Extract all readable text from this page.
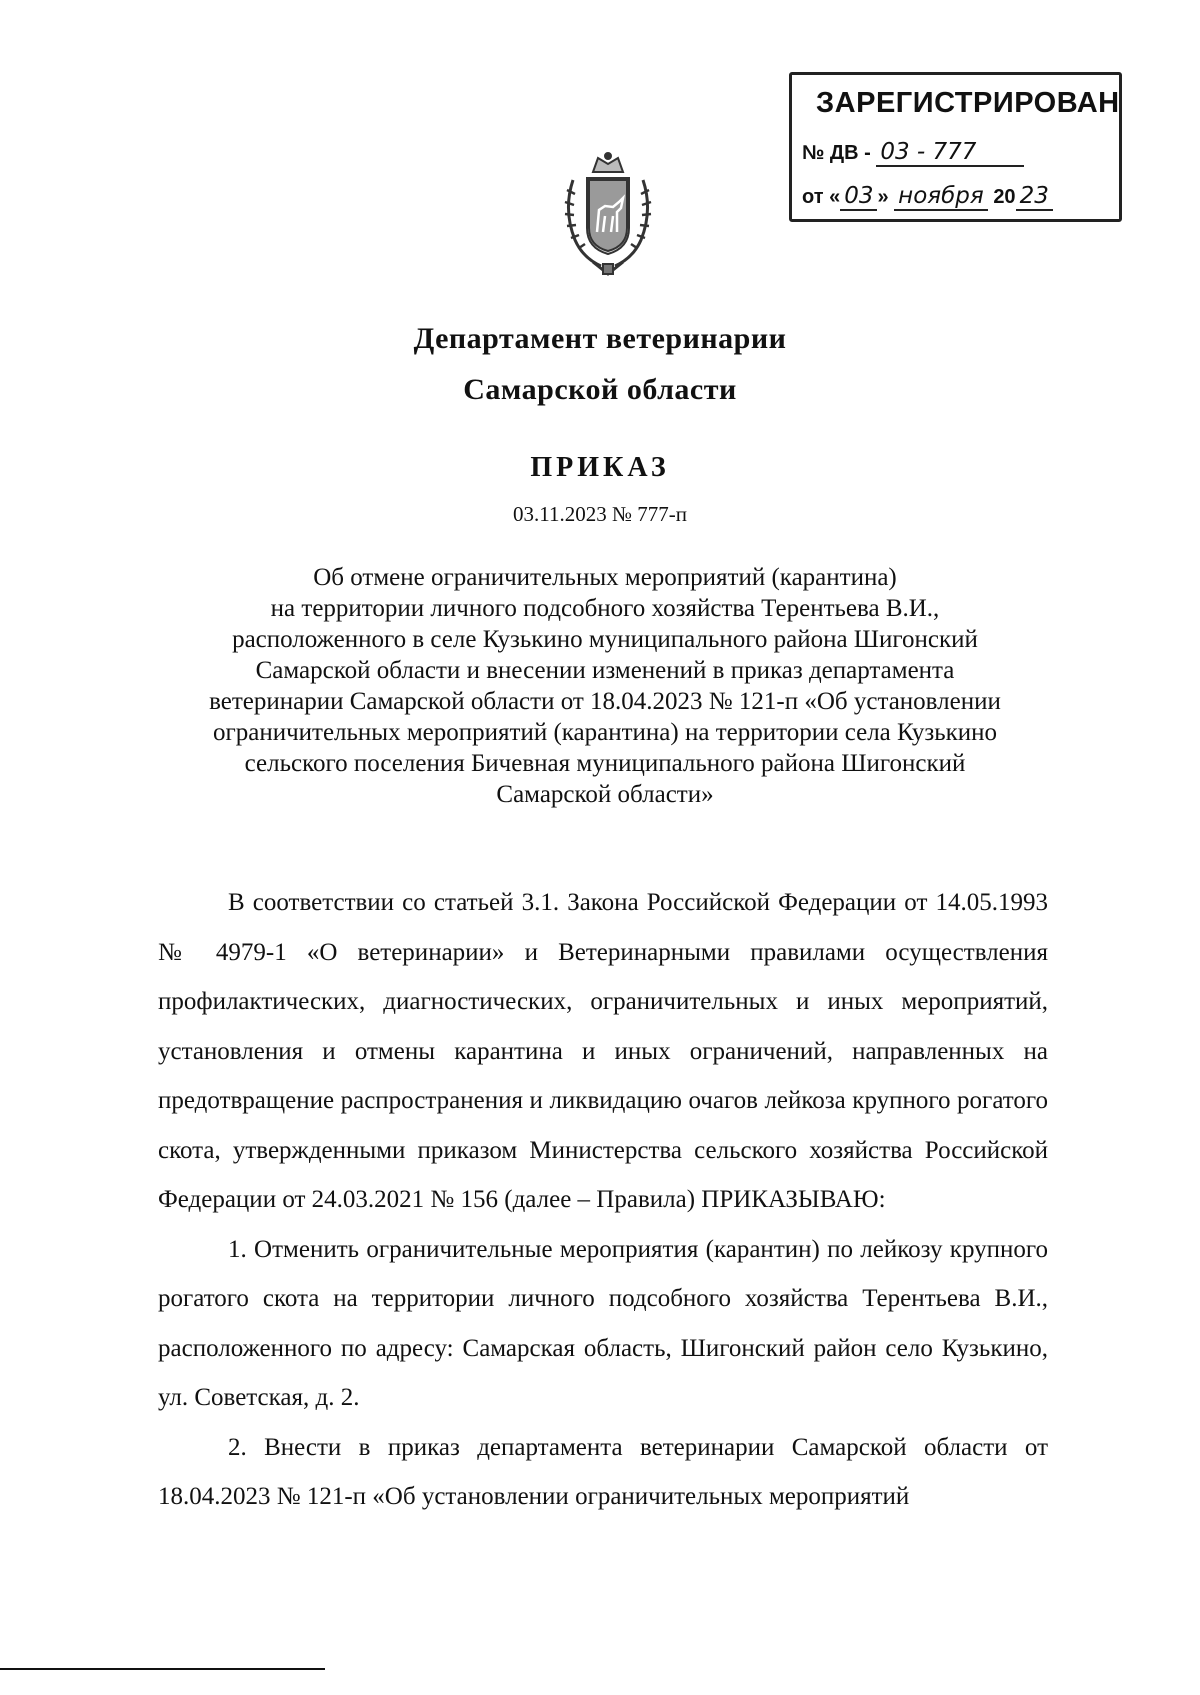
ЗАРЕГИСТРИРОВАН
№ ДВ - 03 - 777
от « 03 » ноября 20 23
Департамент ветеринарии
Самарской области
ПРИКАЗ
03.11.2023 № 777-п
Об отмене ограничительных мероприятий (карантина)
на территории личного подсобного хозяйства Терентьева В.И.,
расположенного в селе Кузькино муниципального района Шигонский
Самарской области и внесении изменений в приказ департамента
ветеринарии Самарской области от 18.04.2023 № 121-п «Об установлении
ограничительных мероприятий (карантина) на территории села Кузькино
сельского поселения Бичевная муниципального района Шигонский
Самарской области»

В соответствии со статьей 3.1. Закона Российской Федерации от 14.05.1993 № 4979-1 «О ветеринарии» и Ветеринарными правилами осуществления профилактических, диагностических, ограничительных и иных мероприятий, установления и отмены карантина и иных ограничений, направленных на предотвращение распространения и ликвидацию очагов лейкоза крупного рогатого скота, утвержденными приказом Министерства сельского хозяйства Российской Федерации от 24.03.2021 № 156 (далее – Правила) ПРИКАЗЫВАЮ:

1. Отменить ограничительные мероприятия (карантин) по лейкозу крупного рогатого скота на территории личного подсобного хозяйства Терентьева В.И., расположенного по адресу: Самарская область, Шигонский район село Кузькино, ул. Советская, д. 2.

2. Внести в приказ департамента ветеринарии Самарской области от 18.04.2023 № 121-п «Об установлении ограничительных мероприятий
